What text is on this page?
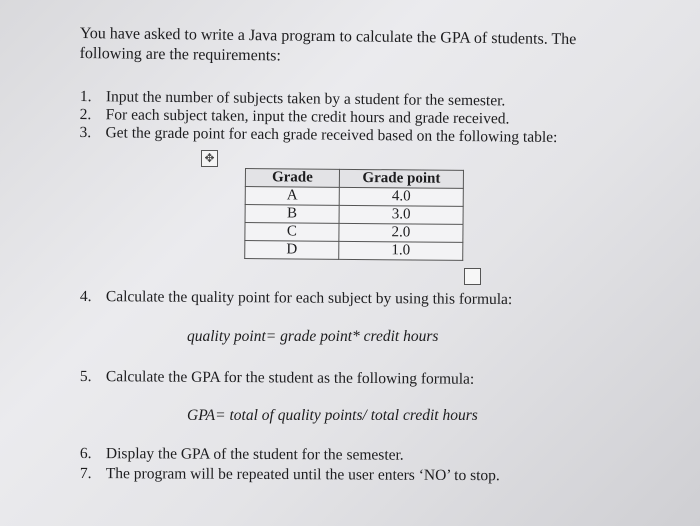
You have asked to write a Java program to calculate the GPA of students. The
following are the requirements:
1. Input the number of subjects taken by a student for the semester.
2. For each subject taken, input the credit hours and grade received.
3. Get the grade point for each grade received based on the following table:
✥
Grade	Grade point
A	4.0
B	3.0
C	2.0
D	1.0
4. Calculate the quality point for each subject by using this formula:
quality point= grade point* credit hours
5. Calculate the GPA for the student as the following formula:
GPA= total of quality points/ total credit hours
6. Display the GPA of the student for the semester.
7. The program will be repeated until the user enters ‘NO’ to stop.
